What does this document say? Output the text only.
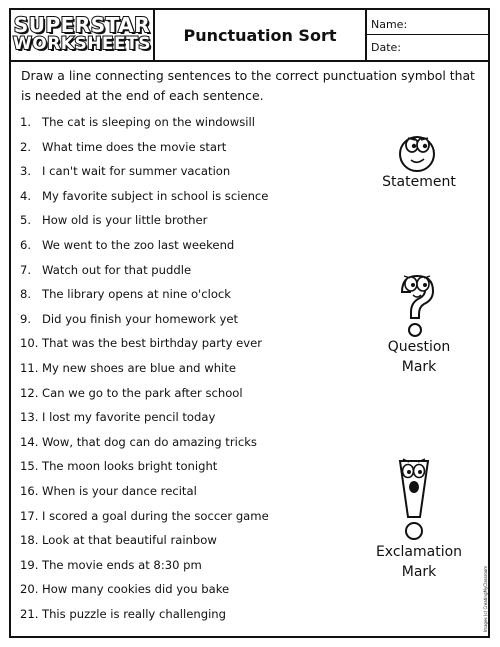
SUPERSTAR
WORKSHEETS	Punctuation Sort
Name:
Date:
Draw a line connecting sentences to the correct punctuation symbol that is needed at the end of each sentence.
1. The cat is sleeping on the windowsill
2. What time does the movie start
3. I can't wait for summer vacation
4. My favorite subject in school is science
5. How old is your little brother
6. We went to the zoo last weekend
7. Watch out for that puddle
8. The library opens at nine o'clock
9. Did you finish your homework yet
10. That was the best birthday party ever
11. My new shoes are blue and white
12. Can we go to the park after school
13. I lost my favorite pencil today
14. Wow, that dog can do amazing tricks
15. The moon looks bright tonight
16. When is your dance recital
17. I scored a goal during the soccer game
18. Look at that beautiful rainbow
19. The movie ends at 8:30 pm
20. How many cookies did you bake
21. This puzzle is really challenging
Statement
Question
Mark
Exclamation
Mark	Images (c) CreatingMyClassroom
